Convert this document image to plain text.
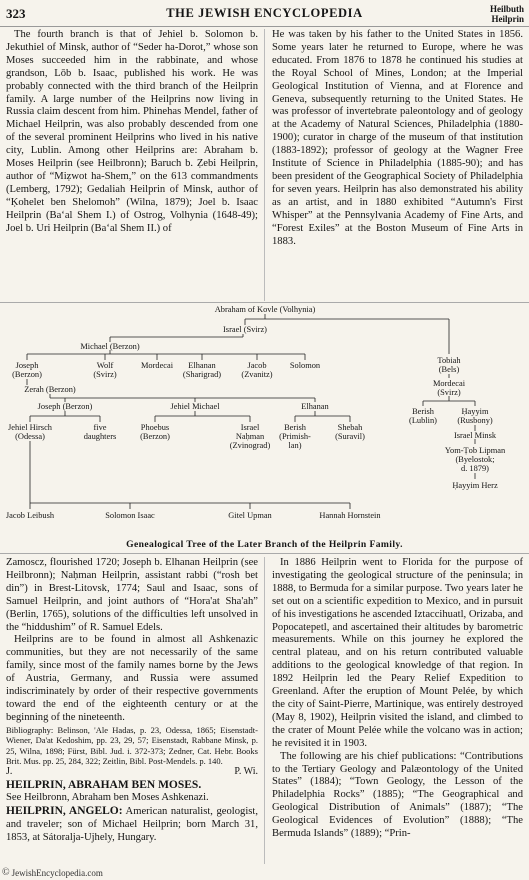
323	THE JEWISH ENCYCLOPEDIA	Heilbuth
Heilprin

The fourth branch is that of Jehiel b. Solomon b. Jekuthiel of Minsk, author of “Seder ha-Dorot,” whose son Moses succeeded him in the rabbinate, and whose grandson, Lōb b. Isaac, published his work. He was probably connected with the third branch of the Heilprin family. A large number of the Heilprins now living in Russia claim descent from him. Phinehas Mendel, father of Michael Heilprin, was also probably descended from one of the several prominent Heilprins who lived in his native city, Lublin. Among other Heilprins are: Abraham b. Moses Heilprin (see Heilbronn); Baruch b. Ẓebi Heilprin, author of “Miẓwot ha-Shem,” on the 613 commandments (Lemberg, 1792); Gedaliah Heilprin of Minsk, author of “Ḳohelet ben Shelomoh” (Wilna, 1879); Joel b. Isaac Heilprin (Ba‘al Shem I.) of Ostrog, Volhynia (1648-49); Joel b. Uri Heilprin (Ba‘al Shem II.) of

He was taken by his father to the United States in 1856. Some years later he returned to Europe, where he was educated. From 1876 to 1878 he continued his studies at the Royal School of Mines, London; at the Imperial Geological Institution of Vienna, and at Florence and Geneva, subsequently returning to the United States. He was professor of invertebrate paleontology and of geology at the Academy of Natural Sciences, Philadelphia (1880-1900); curator in charge of the museum of that institution (1883-1892); professor of geology at the Wagner Free Institute of Science in Philadelphia (1885-90); and has been president of the Geographical Society of Philadelphia for seven years. Heilprin has also demonstrated his ability as an artist, and in 1880 exhibited “Autumn's First Whisper” at the Pennsylvania Academy of Fine Arts, and “Forest Exiles” at the Boston Museum of Fine Arts in 1883.

Abraham of Kovle (Volhynia)
Israel (Svirz)
Michael (Berzon)
Joseph
(Berzon)
Wolf
(Svirz)
Mordecai Elhanan
(Sharigrad)
Jacob
(Zvanitz)
Solomon
Zerah (Berzon)
Joseph (Berzon)	Jehiel Michael	Elhanan
Jehiel Hirsch
(Odessa)
five
daughters
Phoebus
(Berzon)
Israel
Naḥman
(Zvinograd)
Berish
(Primish-
lan)
Shebah
(Suravil)
Jacob Leibush	Solomon Isaac	Gitel Upman	Hannah Hornstein
Tobiah
(Bels)
Mordecai
(Svirz)
Berish
(Lublin)
Ḥayyim
(Rusbony)
Israel Minsk
Yom-Ṭob Lipman
(Byelostok;
d. 1879)
Ḥayyim Herz
Genealogical Tree of the Later Branch of the Heilprin Family.

Zamoscz, flourished 1720; Joseph b. Elhanan Heilprin (see Heilbronn); Naḥman Heilprin, assistant rabbi (“rosh bet din”) in Brest-Litovsk, 1774; Saul and Isaac, sons of Samuel Heilprin, and joint authors of “Hora'at Sha'ah” (Berlin, 1765), solutions of the difficulties left unsolved in the “hiddushim” of R. Samuel Edels.

Heilprins are to be found in almost all Ashkenazic communities, but they are not necessarily of the same family, since most of the family names borne by the Jews of Austria, Germany, and Russia were assumed indiscriminately by order of their respective governments toward the end of the eighteenth century or at the beginning of the nineteenth.

Bibliography: Belinson, 'Ale Hadas, p. 23, Odessa, 1865; Eisenstadt-Wiener, Da'at Kedoshim, pp. 23, 29, 57; Eisenstadt, Rabbane Minsk, p. 25, Wilna, 1898; Fürst, Bibl. Jud. i. 372-373; Zedner, Cat. Hebr. Books Brit. Mus. pp. 25, 284, 322; Zeitlin, Bibl. Post-Mendels. p. 140.

J.	P. Wi.

HEILPRIN, ABRAHAM BEN MOSES.

See Heilbronn, Abraham ben Moses Ashkenazi.

HEILPRIN, ANGELO: American naturalist, geologist, and traveler; son of Michael Heilprin; born March 31, 1853, at Sátoralja-Ujhely, Hungary.

In 1886 Heilprin went to Florida for the purpose of investigating the geological structure of the peninsula; in 1888, to Bermuda for a similar purpose. Two years later he set out on a scientific expedition to Mexico, and in pursuit of his investigations he ascended Iztaccihuatl, Orizaba, and Popocatepetl, and ascertained their altitudes by barometric measurements. While on this journey he explored the central plateau, and on his return contributed valuable additions to the geological knowledge of that region. In 1892 Heilprin led the Peary Relief Expedition to Greenland. After the eruption of Mount Pelée, by which the city of Saint-Pierre, Martinique, was entirely destroyed (May 8, 1902), Heilprin visited the island, and climbed to the crater of Mount Pelée while the volcano was in action; he revisited it in 1903.

The following are his chief publications: “Contributions to the Tertiary Geology and Palæontology of the United States” (1884); “Town Geology, the Lesson of the Philadelphia Rocks” (1885); “The Geographical and Geological Distribution of Animals” (1887); “The Geological Evidences of Evolution” (1888); “The Bermuda Islands” (1889); “Prin-

© JewishEncyclopedia.com
